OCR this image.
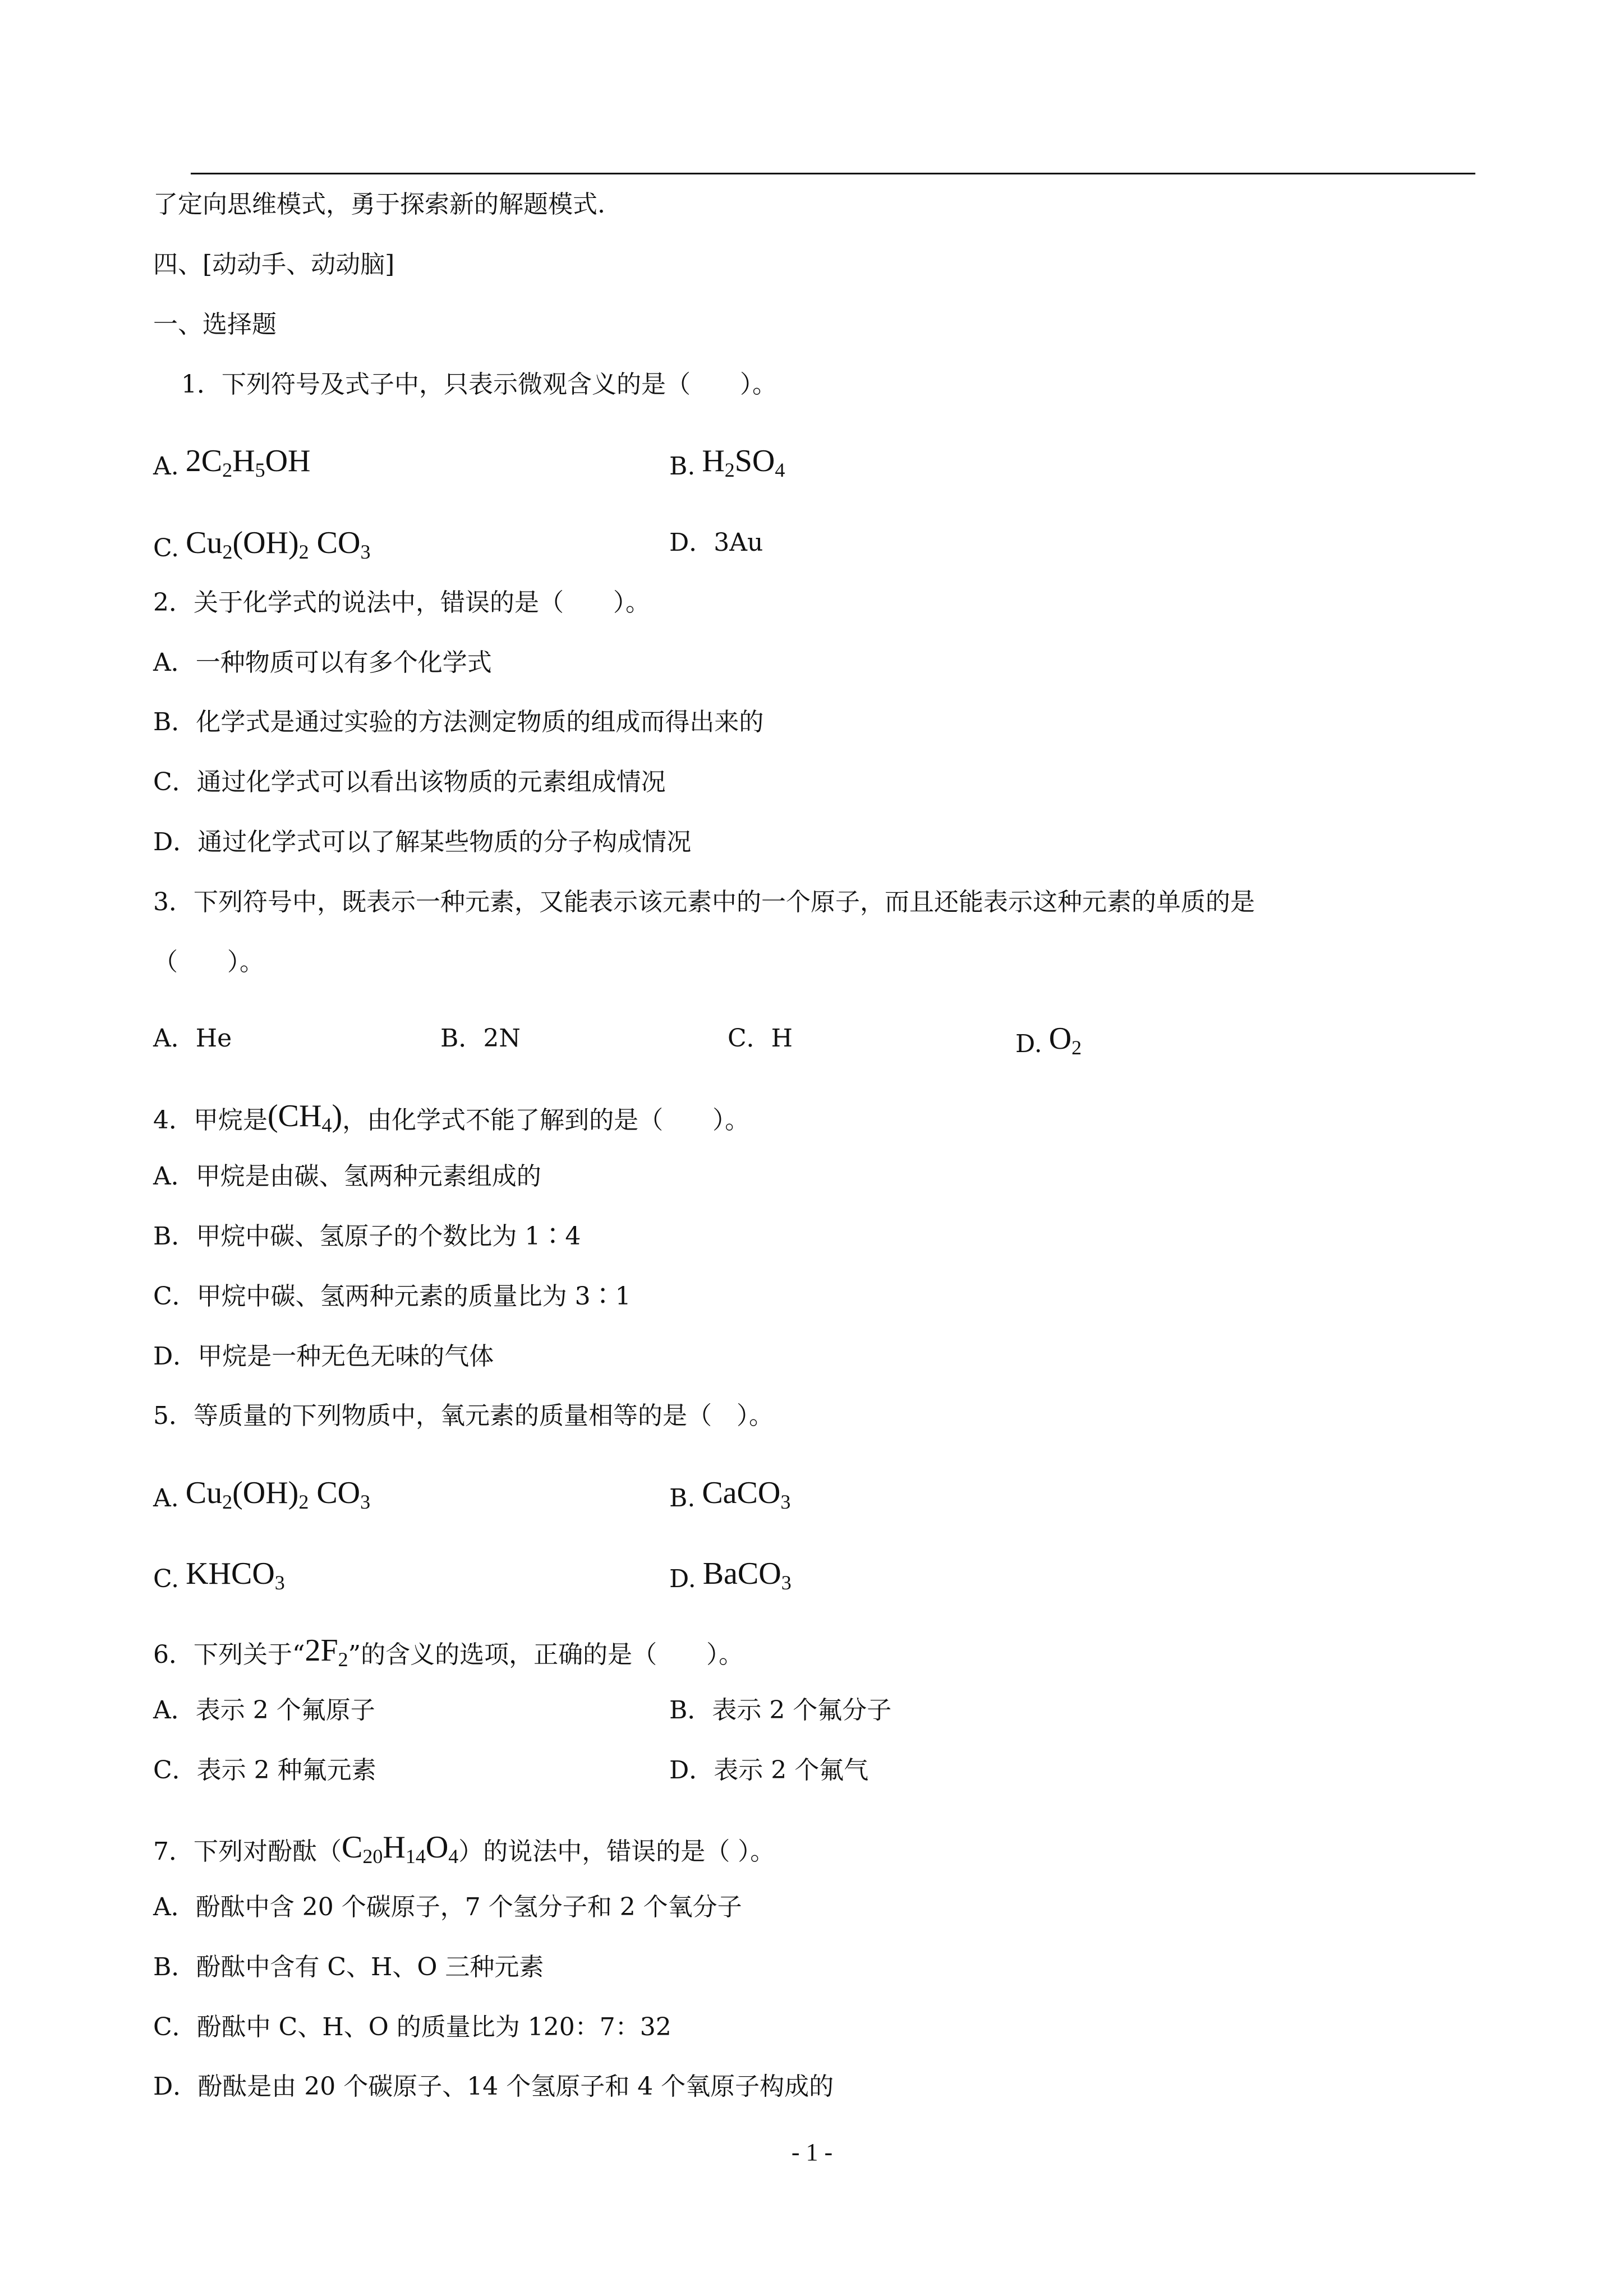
了定向思维模式，勇于探索新的解题模式.
四、[动动手、动动脑]
一、选择题
1．下列符号及式子中，只表示微观含义的是（　　）。
A. $2C_2H_5OH$	B. $H_2SO_4$
C. $Cu_2(OH)_2$ $CO_3$	D．3Au
2．关于化学式的说法中，错误的是（　　）。
A．一种物质可以有多个化学式
B．化学式是通过实验的方法测定物质的组成而得出来的
C．通过化学式可以看出该物质的元素组成情况
D．通过化学式可以了解某些物质的分子构成情况
3．下列符号中，既表示一种元素，又能表示该元素中的一个原子，而且还能表示这种元素的单质的是
（　　）。
A．He	B．2N	C．H	D. $O_2$
4．甲烷是$(CH_4)$，由化学式不能了解到的是（　　）。
A．甲烷是由碳、氢两种元素组成的
B．甲烷中碳、氢原子的个数比为 1∶4
C．甲烷中碳、氢两种元素的质量比为 3∶1
D．甲烷是一种无色无味的气体
5．等质量的下列物质中，氧元素的质量相等的是（　）。
A. $Cu_2(OH)_2$ $CO_3$	B. CaCO$_3$
C. $KHCO_3$	D. BaCO$_3$
6．下列关于“$2F_2$”的含义的选项，正确的是（　　）。
A．表示 2 个氟原子	B．表示 2 个氟分子
C．表示 2 种氟元素	D．表示 2 个氟气
7．下列对酚酞$(C_{20}H_{14}O_4)$的说法中，错误的是（ ）。
A．酚酞中含 20 个碳原子，7 个氢分子和 2 个氧分子
B．酚酞中含有 C、H、O 三种元素
C．酚酞中 C、H、O 的质量比为 120：7：32
D．酚酞是由 20 个碳原子、14 个氢原子和 4 个氧原子构成的
- 1 -
